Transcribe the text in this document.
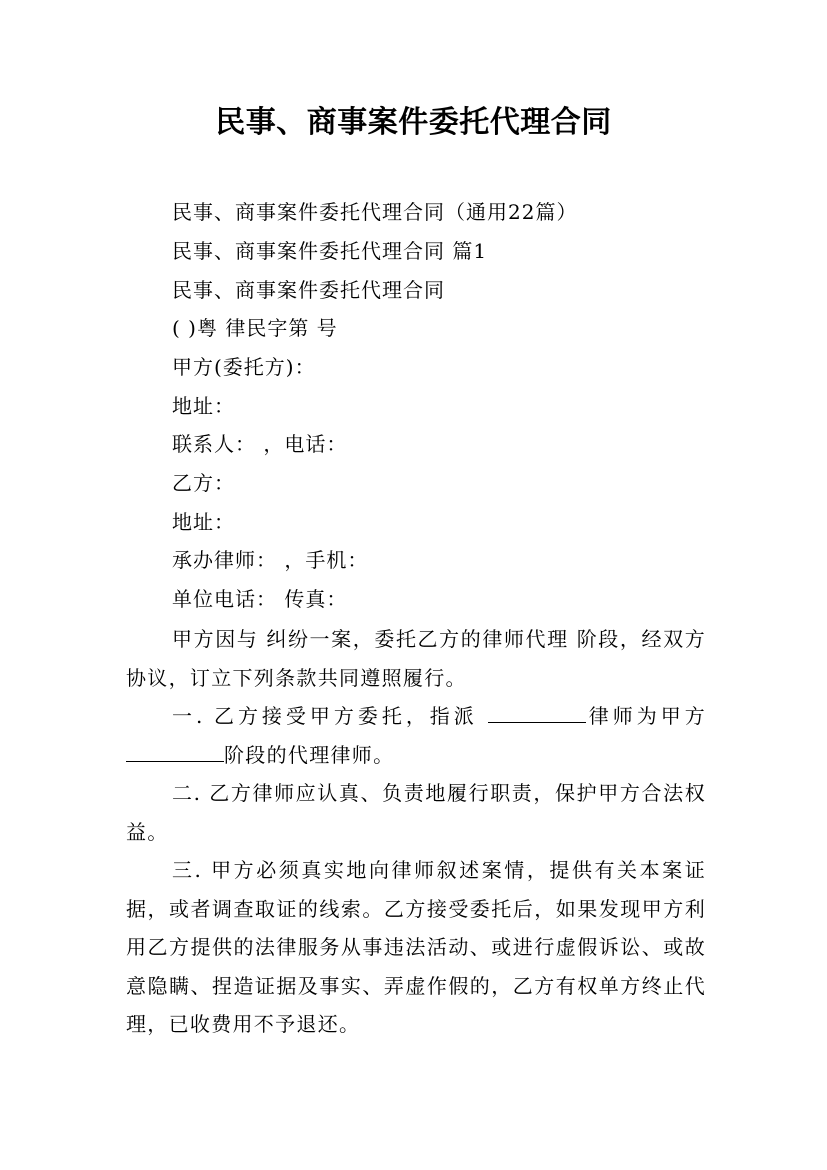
民事、商事案件委托代理合同

民事、商事案件委托代理合同（通用22篇）

民事、商事案件委托代理合同 篇1

民事、商事案件委托代理合同

( )粤 律民字第 号

甲方(委托方)：

地址：

联系人： ，电话：

乙方：

地址：

承办律师： ，手机：

单位电话： 传真：

甲方因与 纠纷一案，委托乙方的律师代理 阶段，经双方协议，订立下列条款共同遵照履行。

一. 乙方接受甲方委托，指派	律师为甲方阶段的代理律师。

二. 乙方律师应认真、负责地履行职责，保护甲方合法权益。

三. 甲方必须真实地向律师叙述案情，提供有关本案证据，或者调查取证的线索。乙方接受委托后，如果发现甲方利用乙方提供的法律服务从事违法活动、或进行虚假诉讼、或故意隐瞒、捏造证据及事实、弄虚作假的，乙方有权单方终止代理，已收费用不予退还。
